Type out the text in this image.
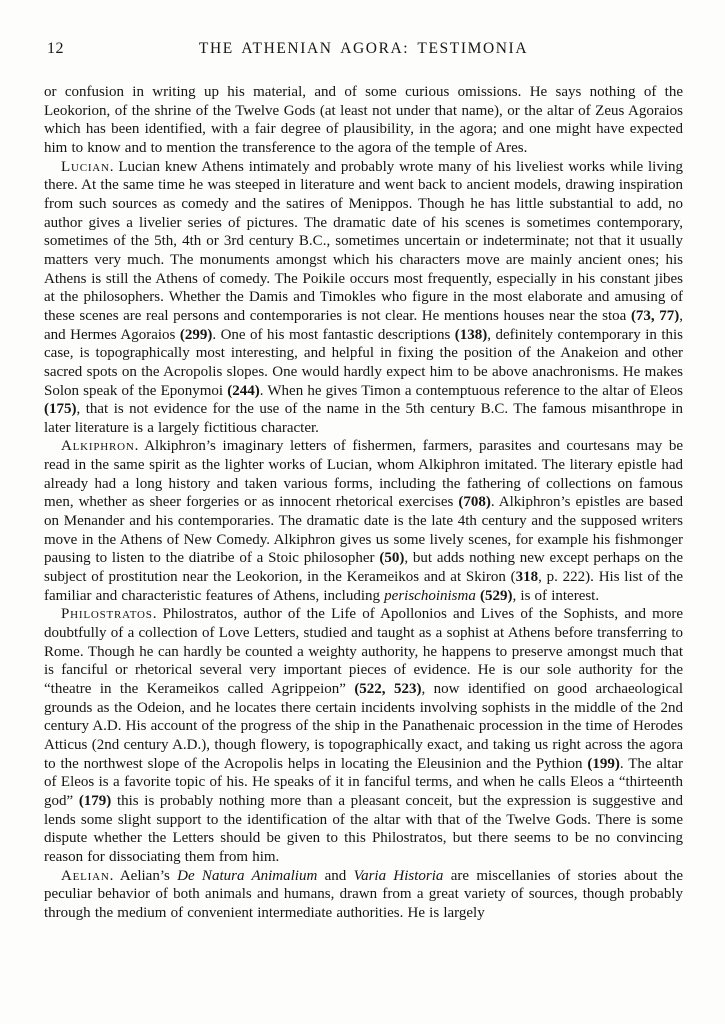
12	THE ATHENIAN AGORA: TESTIMONIA

or confusion in writing up his material, and of some curious omissions. He says nothing of the Leokorion, of the shrine of the Twelve Gods (at least not under that name), or the altar of Zeus Agoraios which has been identified, with a fair degree of plausibility, in the agora; and one might have expected him to know and to mention the transference to the agora of the temple of Ares.

Lucian. Lucian knew Athens intimately and probably wrote many of his liveliest works while living there. At the same time he was steeped in literature and went back to ancient models, drawing inspiration from such sources as comedy and the satires of Menippos. Though he has little substantial to add, no author gives a livelier series of pictures. The dramatic date of his scenes is sometimes contemporary, sometimes of the 5th, 4th or 3rd century B.C., sometimes uncertain or indeterminate; not that it usually matters very much. The monuments amongst which his characters move are mainly ancient ones; his Athens is still the Athens of comedy. The Poikile occurs most frequently, especially in his constant jibes at the philosophers. Whether the Damis and Timokles who figure in the most elaborate and amusing of these scenes are real persons and contemporaries is not clear. He mentions houses near the stoa (73, 77), and Hermes Agoraios (299). One of his most fantastic descriptions (138), definitely contemporary in this case, is topographically most interesting, and helpful in fixing the position of the Anakeion and other sacred spots on the Acropolis slopes. One would hardly expect him to be above anachronisms. He makes Solon speak of the Eponymoi (244). When he gives Timon a contemptuous reference to the altar of Eleos (175), that is not evidence for the use of the name in the 5th century B.C. The famous misanthrope in later literature is a largely fictitious character.

Alkiphron. Alkiphron’s imaginary letters of fishermen, farmers, parasites and courtesans may be read in the same spirit as the lighter works of Lucian, whom Alkiphron imitated. The literary epistle had already had a long history and taken various forms, including the fathering of collections on famous men, whether as sheer forgeries or as innocent rhetorical exercises (708). Alkiphron’s epistles are based on Menander and his contemporaries. The dramatic date is the late 4th century and the supposed writers move in the Athens of New Comedy. Alkiphron gives us some lively scenes, for example his fishmonger pausing to listen to the diatribe of a Stoic philosopher (50), but adds nothing new except perhaps on the subject of prostitution near the Leokorion, in the Kerameikos and at Skiron (318, p. 222). His list of the familiar and characteristic features of Athens, including perischoinisma (529), is of interest.

Philostratos. Philostratos, author of the Life of Apollonios and Lives of the Sophists, and more doubtfully of a collection of Love Letters, studied and taught as a sophist at Athens before transferring to Rome. Though he can hardly be counted a weighty authority, he happens to preserve amongst much that is fanciful or rhetorical several very important pieces of evidence. He is our sole authority for the “theatre in the Kerameikos called Agrippeion” (522, 523), now identified on good archaeological grounds as the Odeion, and he locates there certain incidents involving sophists in the middle of the 2nd century A.D. His account of the progress of the ship in the Panathenaic procession in the time of Herodes Atticus (2nd century A.D.), though flowery, is topographically exact, and taking us right across the agora to the northwest slope of the Acropolis helps in locating the Eleusinion and the Pythion (199). The altar of Eleos is a favorite topic of his. He speaks of it in fanciful terms, and when he calls Eleos a “thirteenth god” (179) this is probably nothing more than a pleasant conceit, but the expression is suggestive and lends some slight support to the identification of the altar with that of the Twelve Gods. There is some dispute whether the Letters should be given to this Philostratos, but there seems to be no convincing reason for dissociating them from him.

Aelian. Aelian’s De Natura Animalium and Varia Historia are miscellanies of stories about the peculiar behavior of both animals and humans, drawn from a great variety of sources, though probably through the medium of convenient intermediate authorities. He is largely
